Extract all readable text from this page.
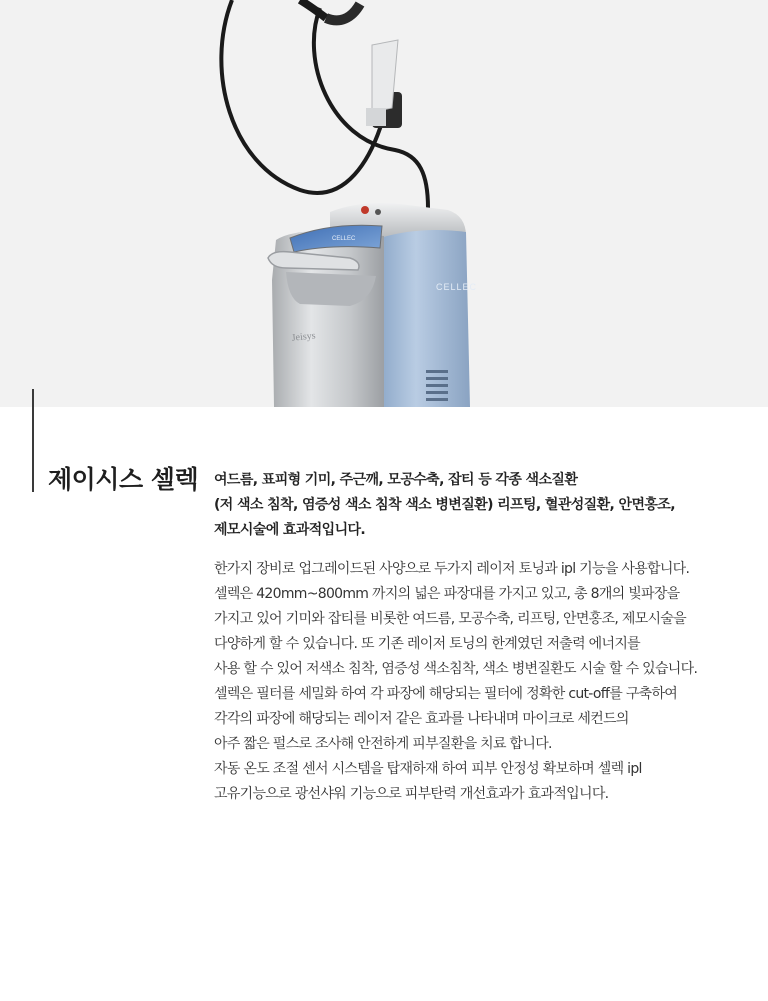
CELLEC
CELLEC
Jeisys
제이시스 셀렉 여드름, 표피형 기미, 주근깨, 모공수축, 잡티 등 각종 색소질환
(저 색소 침착, 염증성 색소 침착 색소 병변질환) 리프팅, 혈관성질환, 안면홍조,
제모시술에 효과적입니다.
한가지 장비로 업그레이드된 사양으로 두가지 레이저 토닝과 ipl 기능을 사용합니다.
셀렉은 420mm~800mm 까지의 넓은 파장대를 가지고 있고, 총 8개의 빛파장을
가지고 있어 기미와 잡티를 비롯한 여드름, 모공수축, 리프팅, 안면홍조, 제모시술을
다양하게 할 수 있습니다. 또 기존 레이저 토닝의 한계였던 저출력 에너지를
사용 할 수 있어 저색소 침착, 염증성 색소침착, 색소 병변질환도 시술 할 수 있습니다.
셀렉은 필터를 세밀화 하여 각 파장에 해당되는 필터에 정확한 cut-off를 구축하여
각각의 파장에 해당되는 레이저 같은 효과를 나타내며 마이크로 세컨드의
아주 짧은 펄스로 조사해 안전하게 피부질환을 치료 합니다.
자동 온도 조절 센서 시스템을 탑재하재 하여 피부 안정성 확보하며 셀렉 ipl
고유기능으로 광선샤워 기능으로 피부탄력 개선효과가 효과적입니다.
